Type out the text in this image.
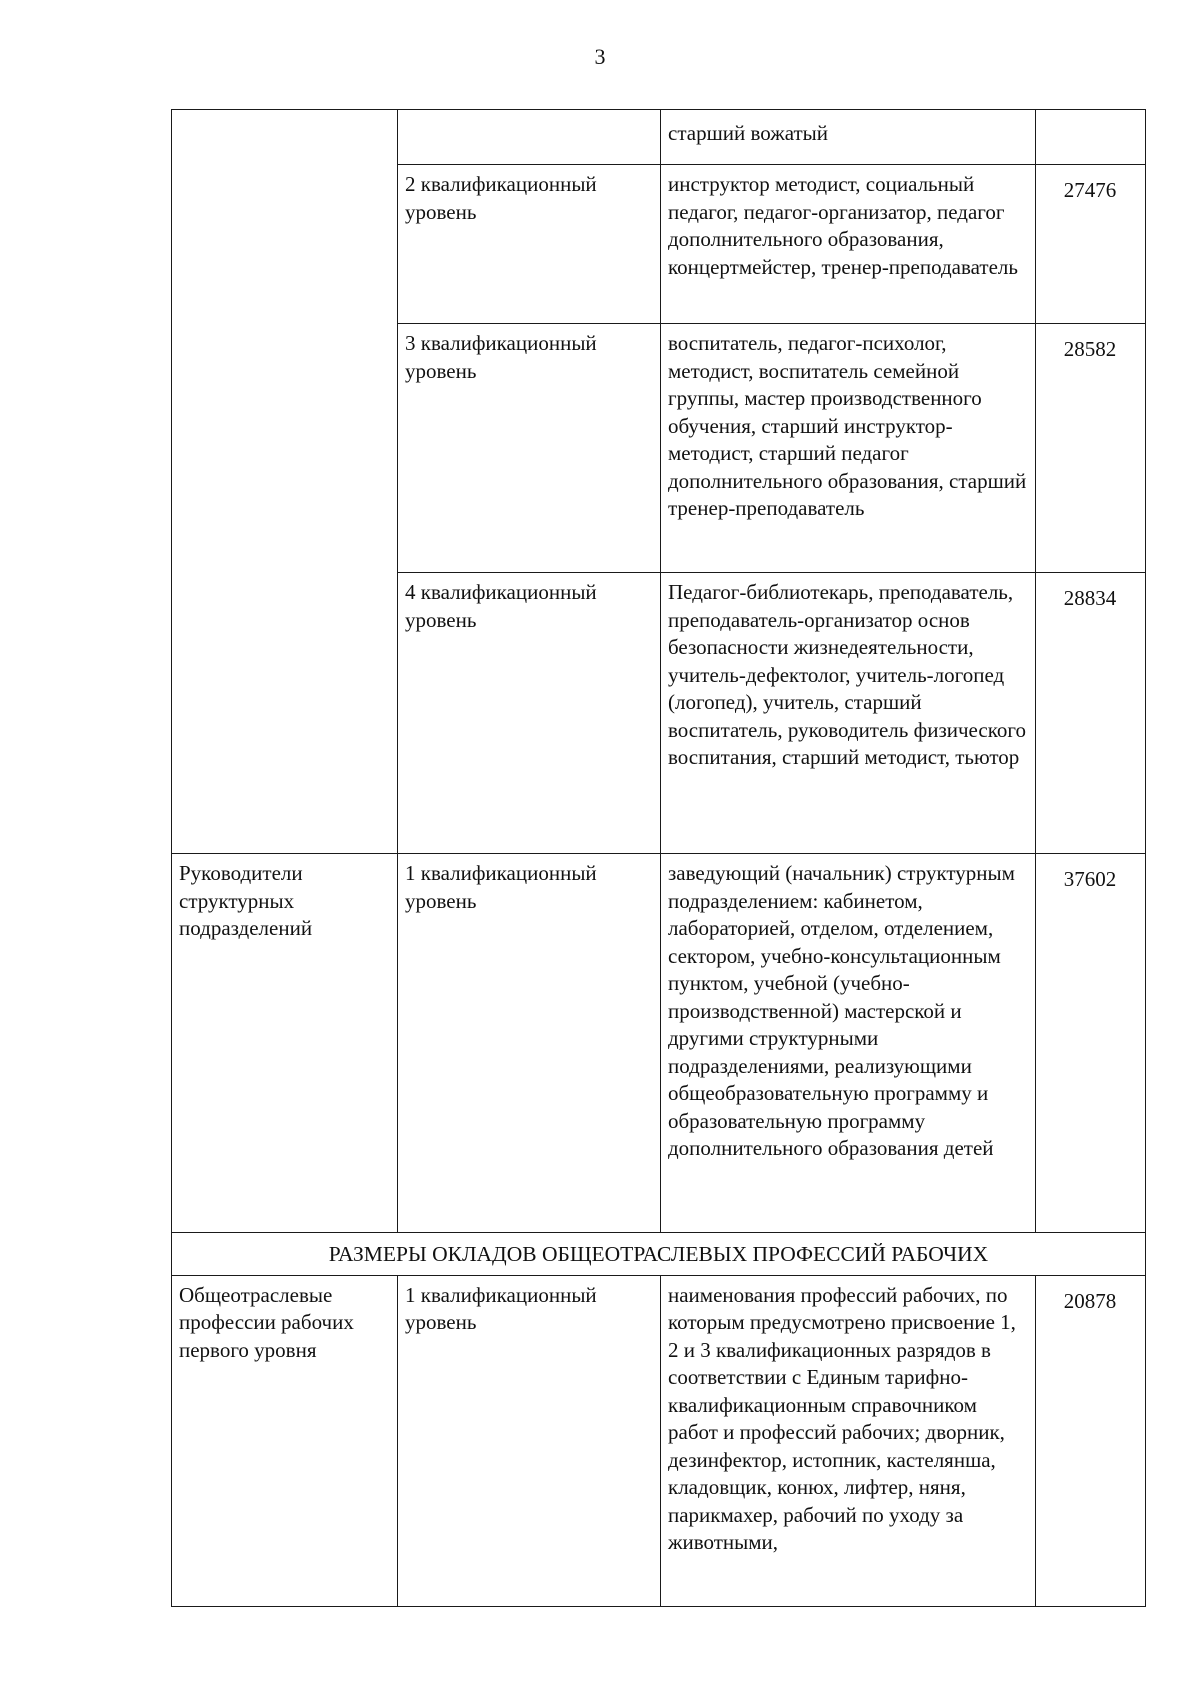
3
		старший вожатый	
	2 квалификационный уровень	инструктор методист, социальный педагог, педагог-организатор, педагог дополнительного образования, концертмейстер, тренер-преподаватель	27476
	3 квалификационный уровень	воспитатель, педагог-психолог, методист, воспитатель семейной группы, мастер производственного обучения, старший инструктор-методист, старший педагог дополнительного образования, старший тренер-преподаватель	28582
	4 квалификационный уровень	Педагог-библиотекарь, преподаватель, преподаватель-организатор основ безопасности жизнедеятельности, учитель-дефектолог, учитель-логопед (логопед), учитель, старший воспитатель, руководитель физического воспитания, старший методист, тьютор	28834
Руководители структурных подразделений	1 квалификационный уровень	заведующий (начальник) структурным подразделением: кабинетом, лабораторией, отделом, отделением, сектором, учебно-консультационным пунктом, учебной (учебно-производственной) мастерской и другими структурными подразделениями, реализующими общеобразовательную программу и образовательную программу дополнительного образования детей	37602
РАЗМЕРЫ ОКЛАДОВ ОБЩЕОТРАСЛЕВЫХ ПРОФЕССИЙ РАБОЧИХ			
Общеотраслевые профессии рабочих первого уровня	1 квалификационный уровень	наименования профессий рабочих, по которым предусмотрено присвоение 1, 2 и 3 квалификационных разрядов в соответствии с Единым тарифно-квалификационным справочником работ и профессий рабочих; дворник, дезинфектор, истопник, кастелянша, кладовщик, конюх, лифтер, няня, парикмахер, рабочий по уходу за животными,	20878
